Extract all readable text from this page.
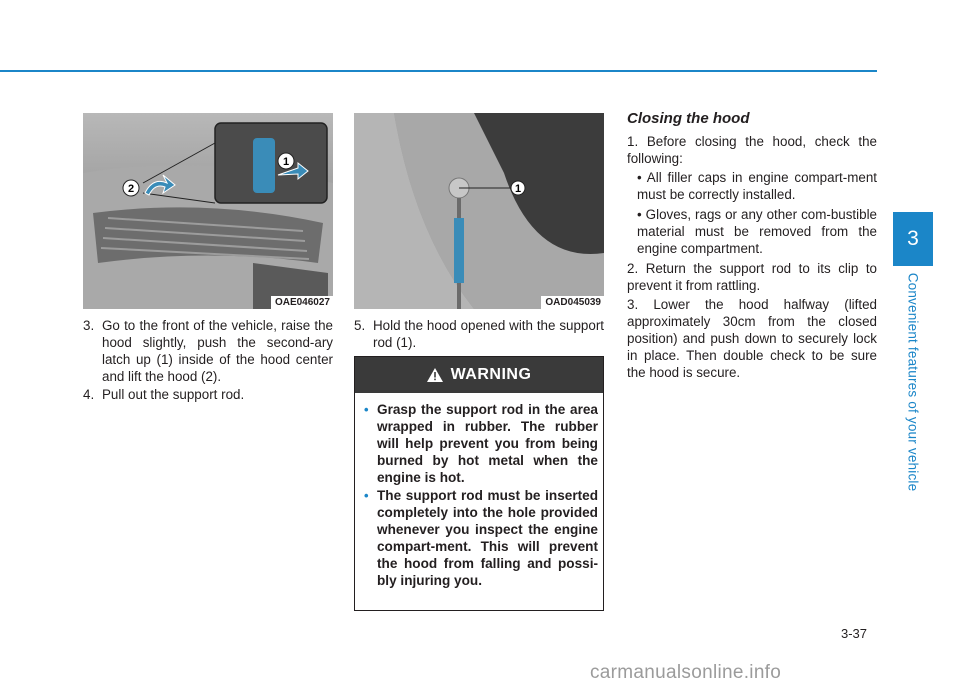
1
2
OAE046027
1
OAD045039
3. Go to the front of the vehicle, raise the hood slightly, push the second-ary latch up (1) inside of the hood center and lift the hood (2).
4. Pull out the support rod.
5. Hold the hood opened with the support rod (1).
WARNING
• Grasp the support rod in the area wrapped in rubber. The rubber will help prevent you from being burned by hot metal when the engine is hot.
• The support rod must be inserted completely into the hole provided whenever you inspect the engine compart-ment. This will prevent the hood from falling and possi-bly injuring you.
Closing the hood
1. Before closing the hood, check the following:
• All filler caps in engine compart-ment must be correctly installed.
• Gloves, rags or any other com-bustible material must be removed from the engine compartment.
2. Return the support rod to its clip to prevent it from rattling.
3. Lower the hood halfway (lifted approximately 30cm from the closed position) and push down to securely lock in place. Then double check to be sure the hood is secure.
3
Convenient features of your vehicle
3-37
carmanualsonline.info
